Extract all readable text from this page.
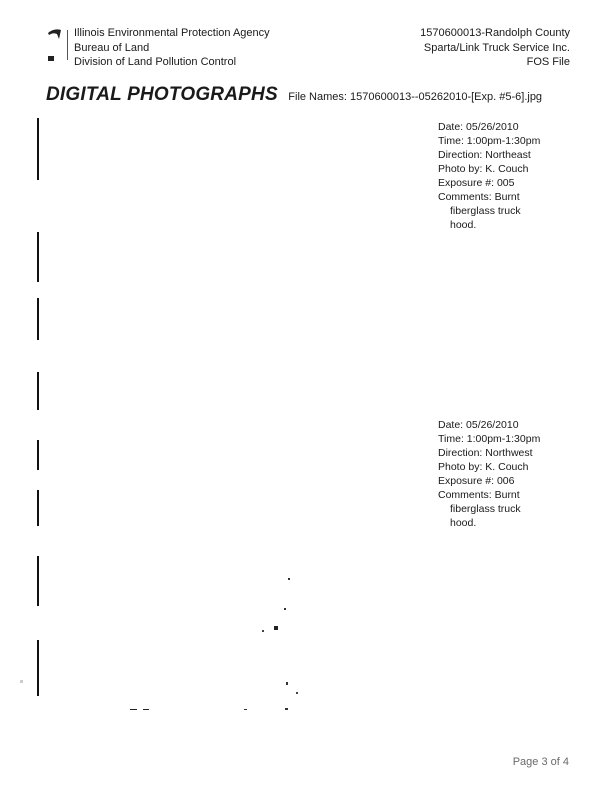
Illinois Environmental Protection Agency
Bureau of Land
Division of Land Pollution Control
1570600013-Randolph County
Sparta/Link Truck Service Inc.
FOS File
DIGITAL PHOTOGRAPHS File Names: 1570600013--05262010-[Exp. #5-6].jpg
Date: 05/26/2010
Time: 1:00pm-1:30pm
Direction: Northeast
Photo by: K. Couch
Exposure #: 005
Comments: Burnt
fiberglass truck
hood.
Date: 05/26/2010
Time: 1:00pm-1:30pm
Direction: Northwest
Photo by: K. Couch
Exposure #: 006
Comments: Burnt
fiberglass truck
hood.
Page 3 of 4
